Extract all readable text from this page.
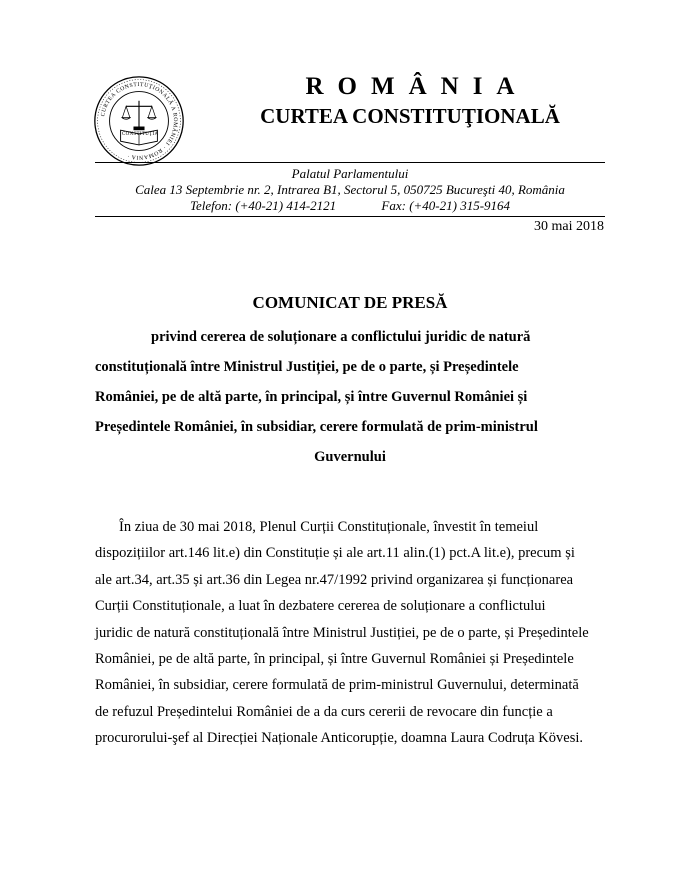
CURTEA CONSTITUŢIONALĂ A ROMÂNIEI · ROMANIA ·
CONSTITUŢIA
ROMÂNIA
CURTEA CONSTITUŢIONALĂ
Palatul Parlamentului
Calea 13 Septembrie nr. 2, Intrarea B1, Sectorul 5, 050725 Bucureşti 40, România
Telefon: (+40-21) 414-2121	Fax: (+40-21) 315-9164
30 mai 2018
COMUNICAT DE PRESĂ
privind cererea de soluționare a conflictului juridic de natură
constituțională între Ministrul Justiției, pe de o parte, și Președintele
României, pe de altă parte, în principal, și între Guvernul României și
Președintele României, în subsidiar, cerere formulată de prim-ministrul
Guvernului
În ziua de 30 mai 2018, Plenul Curții Constituționale, învestit în temeiul
dispozițiilor art.146 lit.e) din Constituție și ale art.11 alin.(1) pct.A lit.e), precum și
ale art.34, art.35 și art.36 din Legea nr.47/1992 privind organizarea și funcționarea
Curții Constituționale, a luat în dezbatere cererea de soluționare a conflictului
juridic de natură constituțională între Ministrul Justiției, pe de o parte, și Președintele
României, pe de altă parte, în principal, și între Guvernul României și Președintele
României, în subsidiar, cerere formulată de prim-ministrul Guvernului, determinată
de refuzul Președintelui României de a da curs cererii de revocare din funcție a
procurorului-şef al Direcției Naționale Anticorupție, doamna Laura Codruța Kövesi.
